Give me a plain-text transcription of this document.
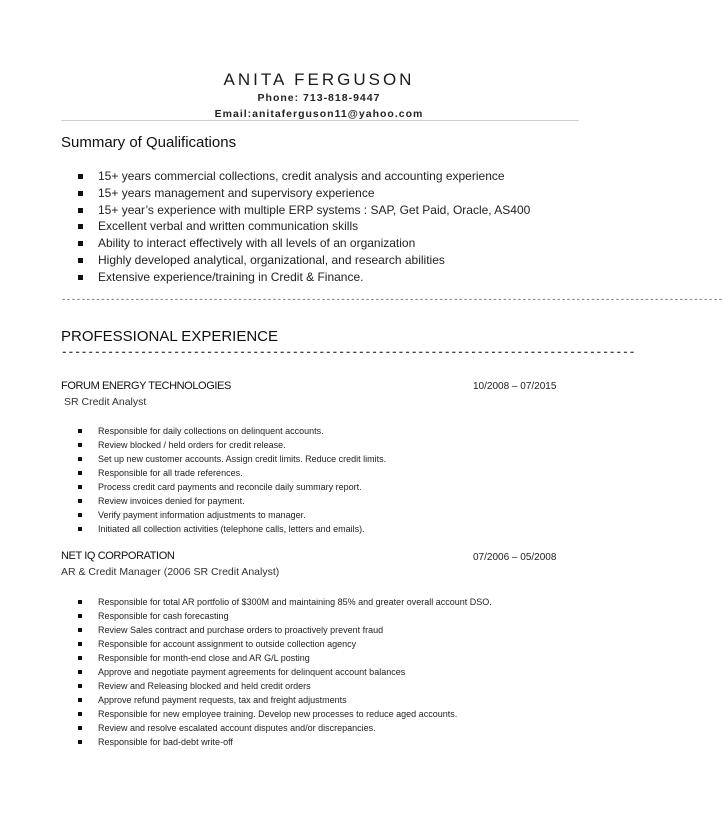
ANITA FERGUSON
Phone: 713-818-9447
Email:anitaferguson11@yahoo.com
Summary of Qualifications
15+ years commercial collections, credit analysis and accounting experience
15+ years management and supervisory experience
15+ year’s experience with multiple ERP systems : SAP, Get Paid, Oracle, AS400
Excellent verbal and written communication skills
Ability to interact effectively with all levels of an organization
Highly developed analytical, organizational, and research abilities
Extensive experience/training in Credit & Finance.
---------------------------------------------------------------------------------------------------------------------------------------
PROFESSIONAL EXPERIENCE
---------------------------------------------------------------------------------------
FORUM ENERGY TECHNOLOGIES	10/2008 – 07/2015
SR Credit Analyst
Responsible for daily collections on delinquent accounts.
Review blocked / held orders for credit release.
Set up new customer accounts. Assign credit limits. Reduce credit limits.
Responsible for all trade references.
Process credit card payments and reconcile daily summary report.
Review invoices denied for payment.
Verify payment information adjustments to manager.
Initiated all collection activities (telephone calls, letters and emails).
NET IQ CORPORATION	07/2006 – 05/2008
AR & Credit Manager (2006 SR Credit Analyst)
Responsible for total AR portfolio of $300M and maintaining 85% and greater overall account DSO.
Responsible for cash forecasting
Review Sales contract and purchase orders to proactively prevent fraud
Responsible for account assignment to outside collection agency
Responsible for month-end close and AR G/L posting
Approve and negotiate payment agreements for delinquent account balances
Review and Releasing blocked and held credit orders
Approve refund payment requests, tax and freight adjustments
Responsible for new employee training. Develop new processes to reduce aged accounts.
Review and resolve escalated account disputes and/or discrepancies.
Responsible for bad-debt write-off
